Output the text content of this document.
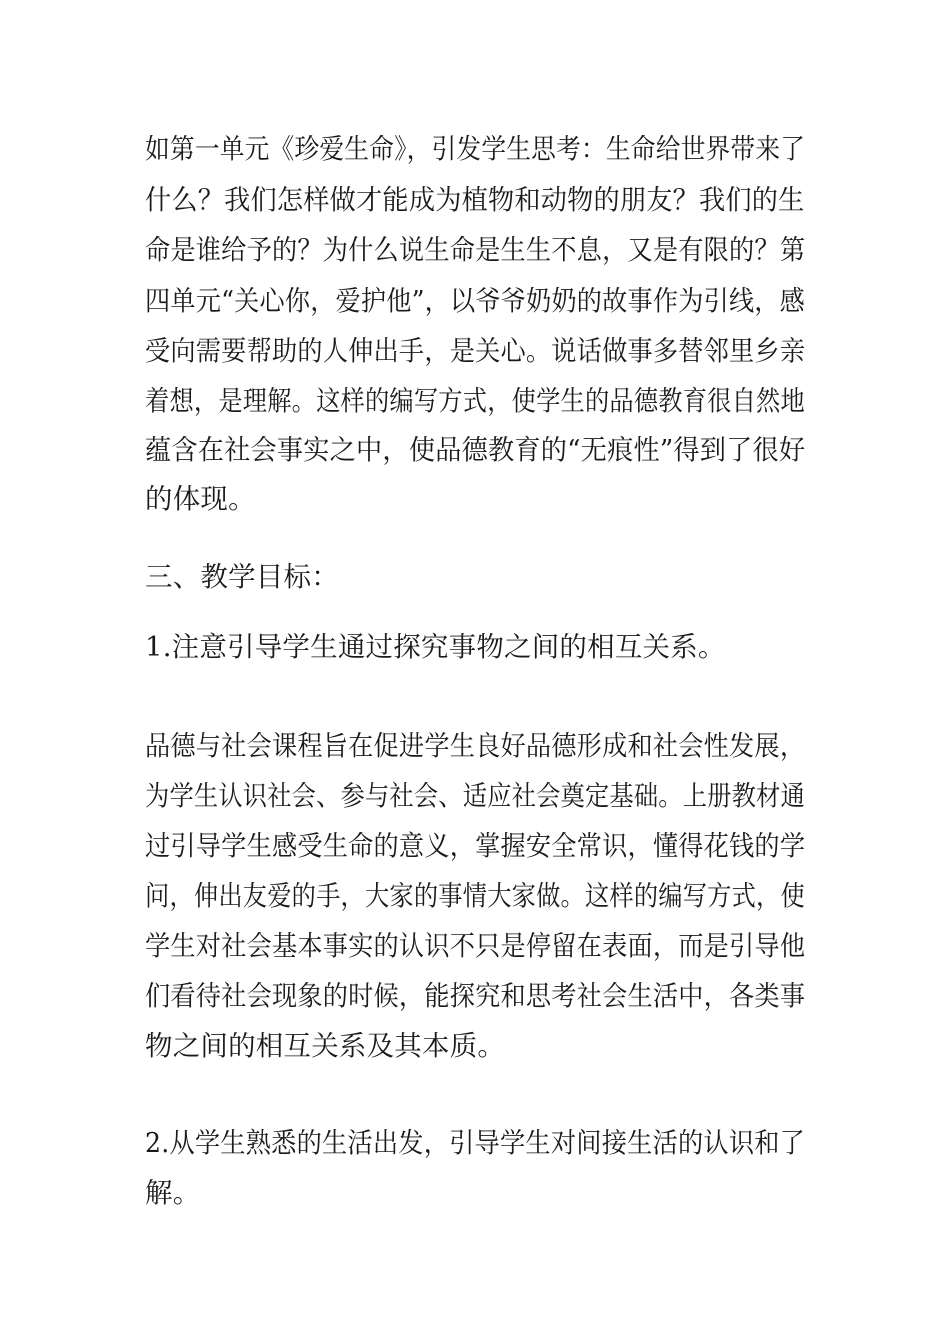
如第一单元《珍爱生命》，引发学生思考：生命给世界带来了
什么？我们怎样做才能成为植物和动物的朋友？我们的生
命是谁给予的？为什么说生命是生生不息，又是有限的？第
四单元“关心你，爱护他”，以爷爷奶奶的故事作为引线，感
受向需要帮助的人伸出手，是关心。说话做事多替邻里乡亲
着想，是理解。这样的编写方式，使学生的品德教育很自然地
蕴含在社会事实之中，使品德教育的“无痕性”得到了很好
的体现。
三、教学目标：
1.注意引导学生通过探究事物之间的相互关系。
品德与社会课程旨在促进学生良好品德形成和社会性发展，
为学生认识社会、参与社会、适应社会奠定基础。上册教材通
过引导学生感受生命的意义，掌握安全常识，懂得花钱的学
问，伸出友爱的手，大家的事情大家做。这样的编写方式，使
学生对社会基本事实的认识不只是停留在表面，而是引导他
们看待社会现象的时候，能探究和思考社会生活中，各类事
物之间的相互关系及其本质。
2.从学生熟悉的生活出发，引导学生对间接生活的认识和了
解。
